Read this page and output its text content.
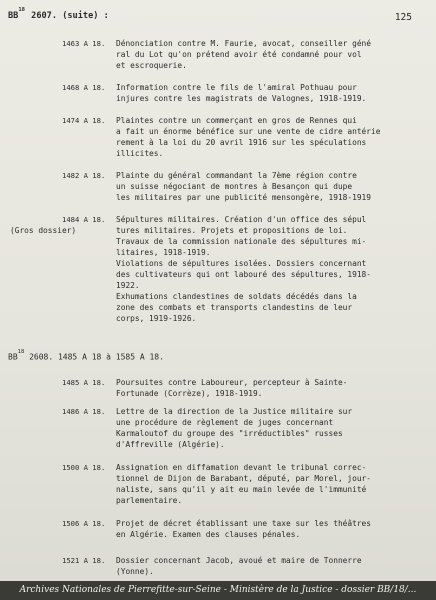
BB$^{18}$ 2607. (suite) :	125
1463 A 18. Dénonciation contre M. Faurie, avocat, conseiller géné
ral du Lot qu'on prétend avoir été condamné pour vol
et escroquerie.
1468 A 18. Information contre le fils de l'amiral Pothuau pour
injures contre les magistrats de Valognes, 1918-1919.
1474 A 18. Plaintes contre un commerçant en gros de Rennes qui
a fait un énorme bénéfice sur une vente de cidre antérie
rement à la loi du 20 avril 1916 sur les spéculations
illicites.
1482 A 18. Plainte du général commandant la 7ème région contre
un suisse négociant de montres à Besançon qui dupe
les militaires par une publicité mensongère, 1918-1919
1484 A 18.
(Gros dossier)
Sépultures militaires. Création d'un office des sépul
tures militaires. Projets et propositions de loi.
Travaux de la commission nationale des sépultures mi-
litaires, 1918-1919.
Violations de sépultures isolées. Dossiers concernant
des cultivateurs qui ont labouré des sépultures, 1918-
1922.
Exhumations clandestines de soldats décédés dans la
zone des combats et transports clandestins de leur
corps, 1919-1926.
BB$^{18}$ 2608. 1485 A 18 à 1585 A 18.
1485 A 18. Poursuites contre Laboureur, percepteur à Sainte-
Fortunade (Corrèze), 1918-1919.
1486 A 18. Lettre de la direction de la Justice militaire sur
une procédure de règlement de juges concernant
Karmaloutof du groupe des "irréductibles" russes
d'Affreville (Algérie).
1500 A 18. Assignation en diffamation devant le tribunal correc-
tionnel de Dijon de Barabant, député, par Morel, jour-
naliste, sans qu'il y ait eu main levée de l'immunité
parlementaire.
1506 A 18. Projet de décret établissant une taxe sur les théâtres
en Algérie. Examen des clauses pénales.
1521 A 18. Dossier concernant Jacob, avoué et maire de Tonnerre
(Yonne).
Archives Nationales de Pierrefitte-sur-Seine - Ministère de la Justice - dossier BB/18/...
